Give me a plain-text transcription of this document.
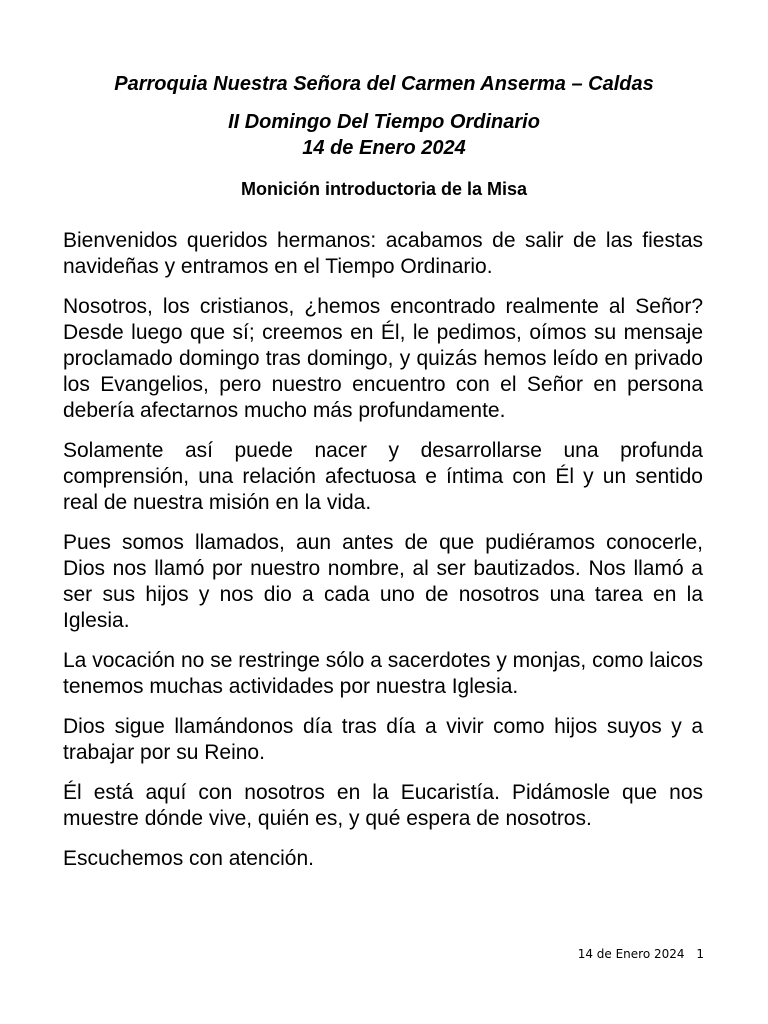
Parroquia Nuestra Señora del Carmen Anserma – Caldas
II Domingo Del Tiempo Ordinario
14 de Enero 2024
Monición introductoria de la Misa

Bienvenidos queridos hermanos: acabamos de salir de las fiestas navideñas y entramos en el Tiempo Ordinario.

Nosotros, los cristianos, ¿hemos encontrado realmente al Señor? Desde luego que sí; creemos en Él, le pedimos, oímos su mensaje proclamado domingo tras domingo, y quizás hemos leído en privado los Evangelios, pero nuestro encuentro con el Señor en persona debería afectarnos mucho más profundamente.

Solamente así puede nacer y desarrollarse una profunda comprensión, una relación afectuosa e íntima con Él y un sentido real de nuestra misión en la vida.

Pues somos llamados, aun antes de que pudiéramos conocerle, Dios nos llamó por nuestro nombre, al ser bautizados. Nos llamó a ser sus hijos y nos dio a cada uno de nosotros una tarea en la Iglesia.

La vocación no se restringe sólo a sacerdotes y monjas, como laicos tenemos muchas actividades por nuestra Iglesia.

Dios sigue llamándonos día tras día a vivir como hijos suyos y a trabajar por su Reino.

Él está aquí con nosotros en la Eucaristía. Pidámosle que nos muestre dónde vive, quién es, y qué espera de nosotros.

Escuchemos con atención.

14 de Enero 2024 1
